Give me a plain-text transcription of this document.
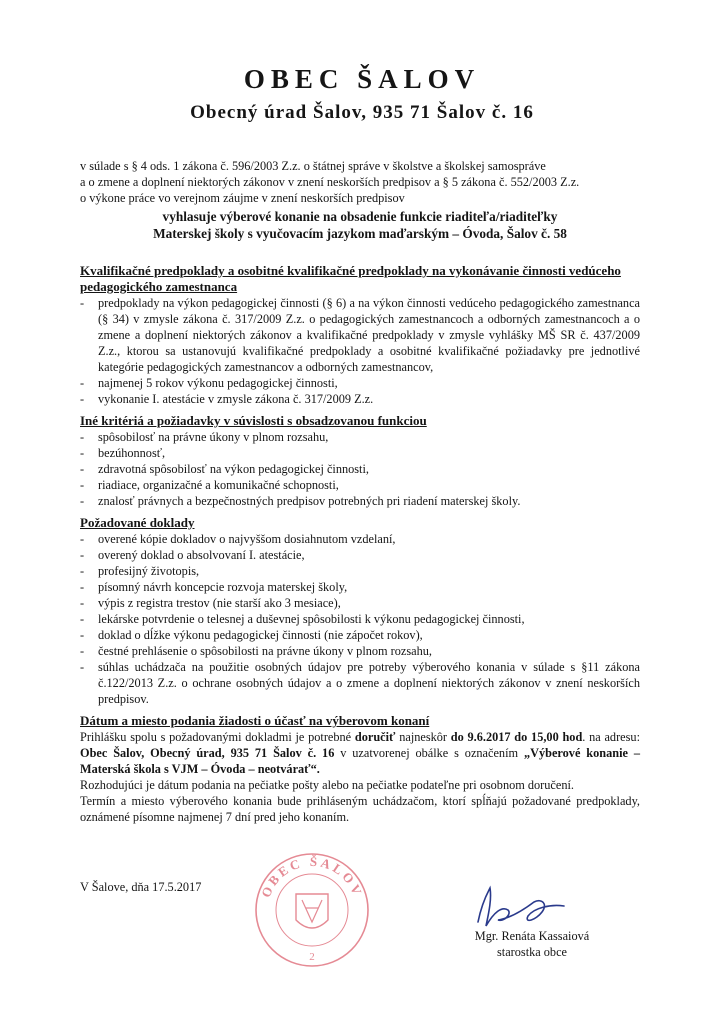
OBEC ŠALOV
Obecný úrad Šalov, 935 71 Šalov č. 16

v súlade s § 4 ods. 1 zákona č. 596/2003 Z.z. o štátnej správe v školstve a školskej samospráve

a o zmene a doplnení niektorých zákonov v znení neskorších predpisov a § 5 zákona č. 552/2003 Z.z.

o výkone práce vo verejnom záujme v znení neskorších predpisov

vyhlasuje výberové konanie na obsadenie funkcie riaditeľa/riaditeľky

Materskej školy s vyučovacím jazykom maďarským – Óvoda, Šalov č. 58

Kvalifikačné predpoklady a osobitné kvalifikačné predpoklady na vykonávanie činnosti vedúceho pedagogického zamestnanca

- predpoklady na výkon pedagogickej činnosti (§ 6) a na výkon činnosti vedúceho pedagogického zamestnanca (§ 34) v zmysle zákona č. 317/2009 Z.z. o pedagogických zamestnancoch a odborných zamestnancoch a o zmene a doplnení niektorých zákonov a kvalifikačné predpoklady v zmysle vyhlášky MŠ SR č. 437/2009 Z.z., ktorou sa ustanovujú kvalifikačné predpoklady a osobitné kvalifikačné požiadavky pre jednotlivé kategórie pedagogických zamestnancov a odborných zamestnancov,
- najmenej 5 rokov výkonu pedagogickej činnosti,
- vykonanie I. atestácie v zmysle zákona č. 317/2009 Z.z.

Iné kritériá a požiadavky v súvislosti s obsadzovanou funkciou

- spôsobilosť na právne úkony v plnom rozsahu,
- bezúhonnosť,
- zdravotná spôsobilosť na výkon pedagogickej činnosti,
- riadiace, organizačné a komunikačné schopnosti,
- znalosť právnych a bezpečnostných predpisov potrebných pri riadení materskej školy.

Požadované doklady

- overené kópie dokladov o najvyššom dosiahnutom vzdelaní,
- overený doklad o absolvovaní I. atestácie,
- profesijný životopis,
- písomný návrh koncepcie rozvoja materskej školy,
- výpis z registra trestov (nie starší ako 3 mesiace),
- lekárske potvrdenie o telesnej a duševnej spôsobilosti k výkonu pedagogickej činnosti,
- doklad o dĺžke výkonu pedagogickej činnosti (nie zápočet rokov),
- čestné prehlásenie o spôsobilosti na právne úkony v plnom rozsahu,
- súhlas uchádzača na použitie osobných údajov pre potreby výberového konania v súlade s §11 zákona č.122/2013 Z.z. o ochrane osobných údajov a o zmene a doplnení niektorých zákonov v znení neskorších predpisov.

Dátum a miesto podania žiadosti o účasť na výberovom konaní

Prihlášku spolu s požadovanými dokladmi je potrebné doručiť najneskôr do 9.6.2017 do 15,00 hod. na adresu: Obec Šalov, Obecný úrad, 935 71 Šalov č. 16 v uzatvorenej obálke s označením „Výberové konanie – Materská škola s VJM – Óvoda – neotvárať“.

Rozhodujúci je dátum podania na pečiatke pošty alebo na pečiatke podateľne pri osobnom doručení.

Termín a miesto výberového konania bude prihláseným uchádzačom, ktorí spĺňajú požadované predpoklady, oznámené písomne najmenej 7 dní pred jeho konaním.

V Šalove, dňa 17.5.2017	OBEC ŠALOV
2
Mgr. Renáta Kassaiová
starostka obce
